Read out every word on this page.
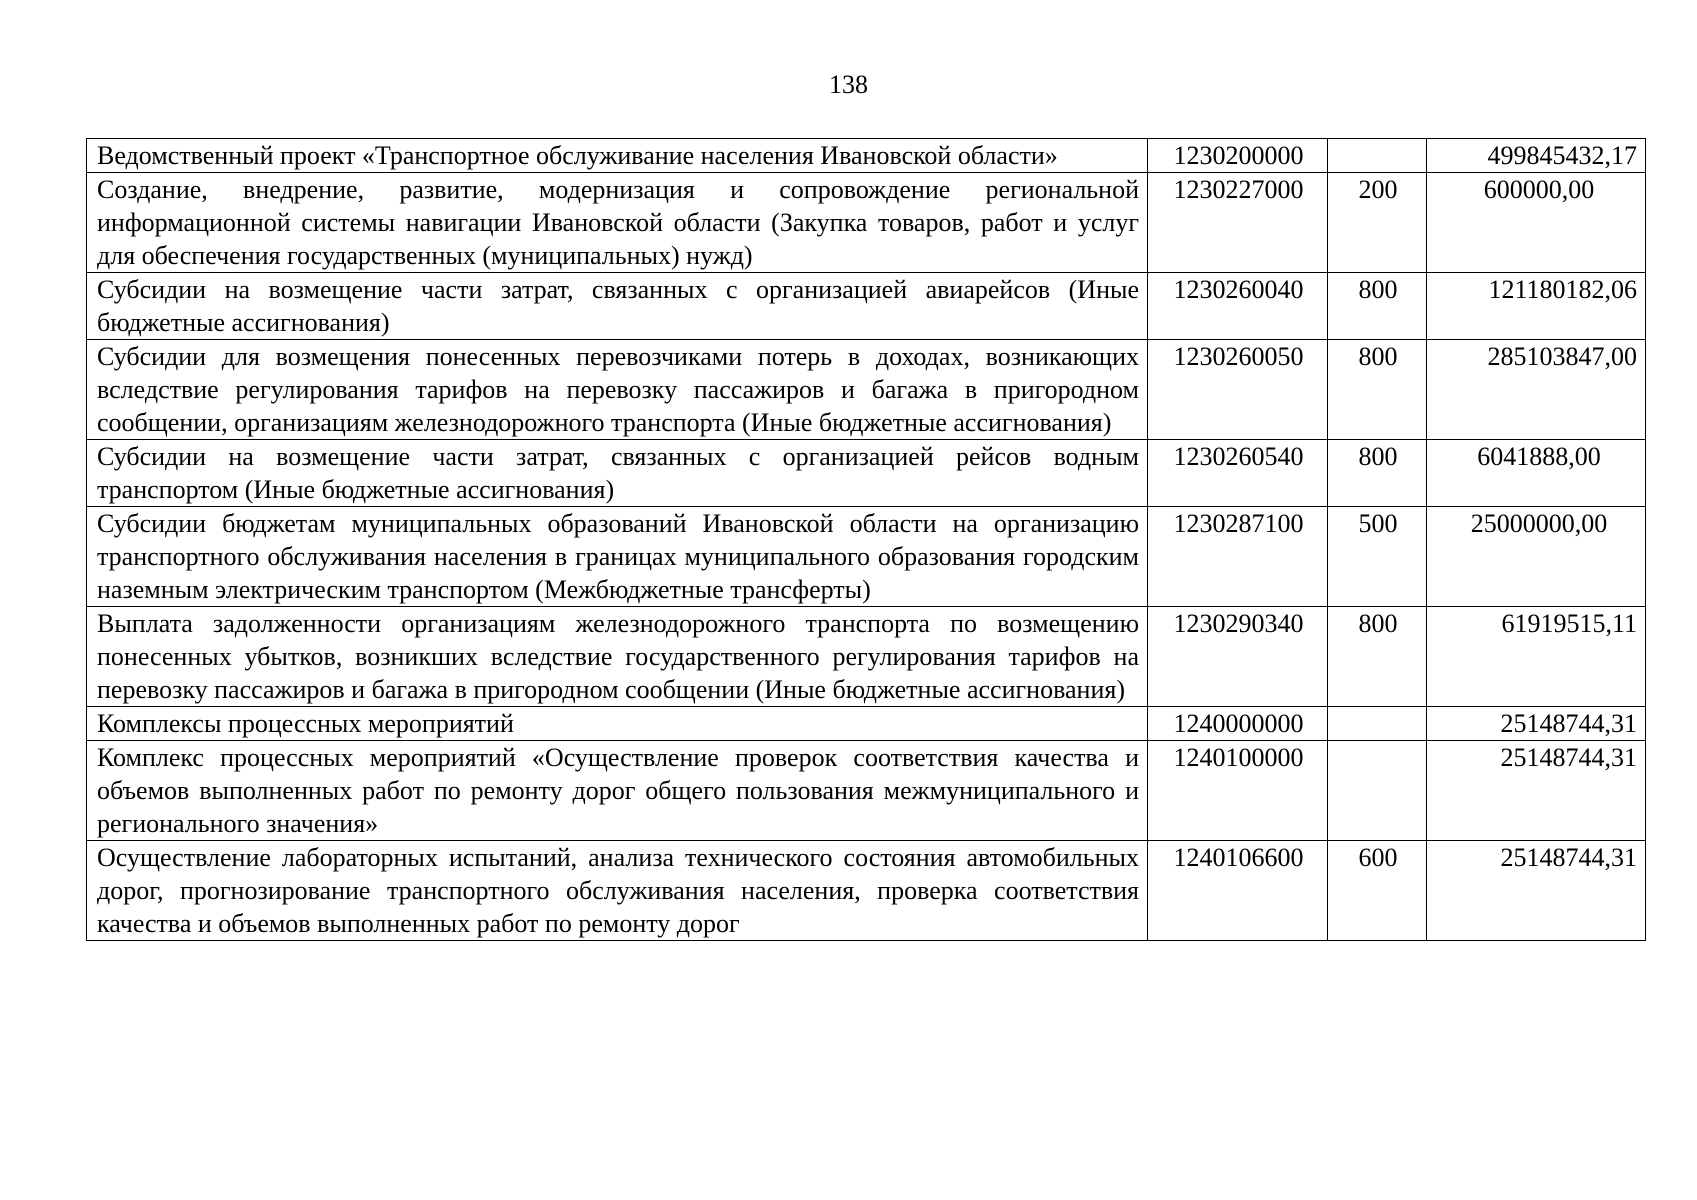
138
Ведомственный проект «Транспортное обслуживание населения Ивановской области»	1230200000		499845432,17
Создание, внедрение, развитие, модернизация и сопровождение региональной информационной системы навигации Ивановской области (Закупка товаров, работ и услуг для обеспечения государственных (муниципальных) нужд)	1230227000	200	600000,00
Субсидии на возмещение части затрат, связанных с организацией авиарейсов (Иные бюджетные ассигнования)	1230260040	800	121180182,06
Субсидии для возмещения понесенных перевозчиками потерь в доходах, возникающих вследствие регулирования тарифов на перевозку пассажиров и багажа в пригородном сообщении, организациям железнодорожного транспорта (Иные бюджетные ассигнования)	1230260050	800	285103847,00
Субсидии на возмещение части затрат, связанных с организацией рейсов водным транспортом (Иные бюджетные ассигнования)	1230260540	800	6041888,00
Субсидии бюджетам муниципальных образований Ивановской области на организацию транспортного обслуживания населения в границах муниципального образования городским наземным электрическим транспортом (Межбюджетные трансферты)	1230287100	500	25000000,00
Выплата задолженности организациям железнодорожного транспорта по возмещению понесенных убытков, возникших вследствие государственного регулирования тарифов на перевозку пассажиров и багажа в пригородном сообщении (Иные бюджетные ассигнования)	1230290340	800	61919515,11
Комплексы процессных мероприятий	1240000000		25148744,31
Комплекс процессных мероприятий «Осуществление проверок соответствия качества и объемов выполненных работ по ремонту дорог общего пользования межмуниципального и регионального значения»	1240100000		25148744,31
Осуществление лабораторных испытаний, анализа технического состояния автомобильных дорог, прогнозирование транспортного обслуживания населения, проверка соответствия качества и объемов выполненных работ по ремонту дорог	1240106600	600	25148744,31
